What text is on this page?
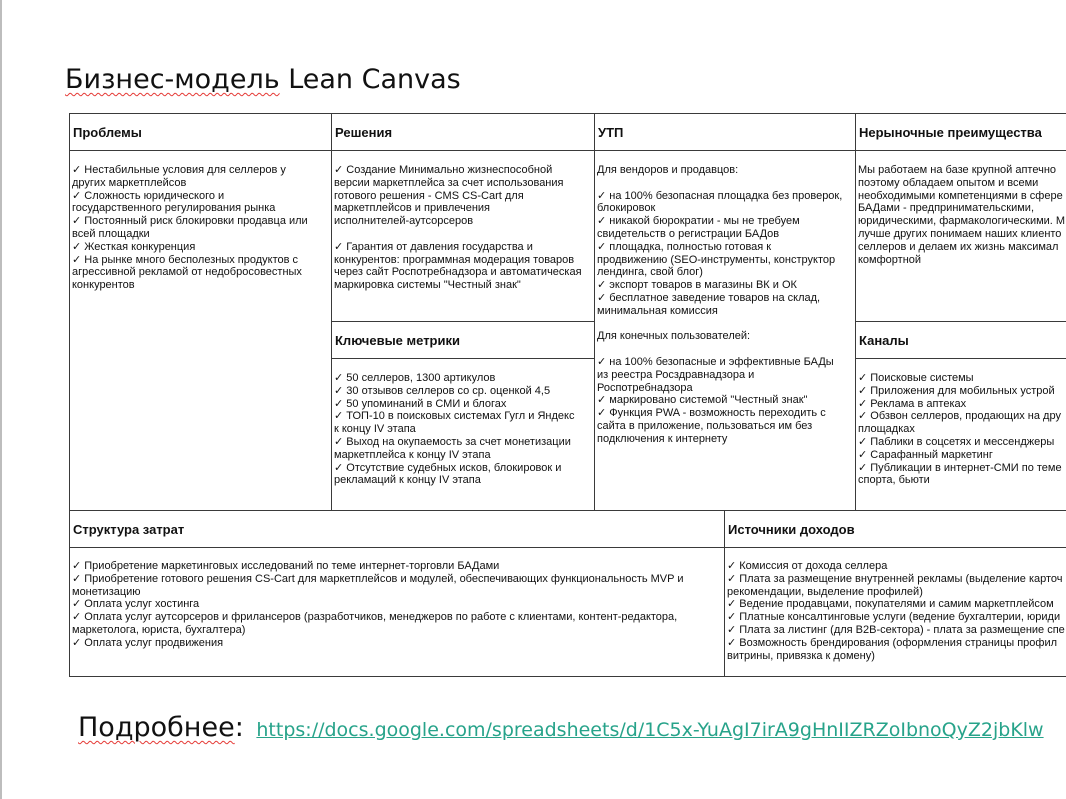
Бизнес-модель Lean Canvas
Проблемы
✓ Нестабильные условия для селлеров у
других маркетплейсов
✓ Сложность юридического и
государственного регулирования рынка
✓ Постоянный риск блокировки продавца или
всей площадки
✓ Жесткая конкуренция
✓ На рынке много бесполезных продуктов с
агрессивной рекламой от недобросовестных
конкурентов
Решения
✓ Создание Минимально жизнеспособной
версии маркетплейса за счет использования
готового решения - CMS CS-Cart для
маркетплейсов и привлечения
исполнителей-аутсорсеров

✓ Гарантия от давления государства и
конкурентов: программная модерация товаров
через сайт Роспотребнадзора и автоматическая
маркировка системы "Честный знак"
Ключевые метрики
✓ 50 селлеров, 1300 артикулов
✓ 30 отзывов селлеров со ср. оценкой 4,5
✓ 50 упоминаний в СМИ и блогах
✓ ТОП-10 в поисковых системах Гугл и Яндекс
к концу IV этапа
✓ Выход на окупаемость за счет монетизации
маркетплейса к концу IV этапа
✓ Отсутствие судебных исков, блокировок и
рекламаций к концу IV этапа
УТП
Для вендоров и продавцов:

✓ на 100% безопасная площадка без проверок,
блокировок
✓ никакой бюрократии - мы не требуем
свидетельств о регистрации БАДов
✓ площадка, полностью готовая к
продвижению (SEO-инструменты, конструктор
лендинга, свой блог)
✓ экспорт товаров в магазины ВК и ОК
✓ бесплатное заведение товаров на склад,
минимальная комиссия

Для конечных пользователей:

✓ на 100% безопасные и эффективные БАДы
из реестра Росздравнадзора и
Роспотребнадзора
✓ маркировано системой "Честный знак"
✓ Функция PWA - возможность переходить с
сайта в приложение, пользоваться им без
подключения к интернету
Нерыночные преимущества
Мы работаем на базе крупной аптечно
поэтому обладаем опытом и всеми
необходимыми компетенциями в сфере
БАДами - предпринимательскими,
юридическими, фармакологическими. М
лучше других понимаем наших клиенто
селлеров и делаем их жизнь максимал
комфортной
Каналы
✓ Поисковые системы
✓ Приложения для мобильных устрой
✓ Реклама в аптеках
✓ Обзвон селлеров, продающих на дру
площадках
✓ Паблики в соцсетях и мессенджеры
✓ Сарафанный маркетинг
✓ Публикации в интернет-СМИ по теме
спорта, бьюти
Структура затрат
✓ Приобретение маркетинговых исследований по теме интернет-торговли БАДами
✓ Приобретение готового решения CS-Cart для маркетплейсов и модулей, обеспечивающих функциональность MVP и
монетизацию
✓ Оплата услуг хостинга
✓ Оплата услуг аутсорсеров и фрилансеров (разработчиков, менеджеров по работе с клиентами, контент-редактора,
маркетолога, юриста, бухгалтера)
✓ Оплата услуг продвижения
Источники доходов
✓ Комиссия от дохода селлера
✓ Плата за размещение внутренней рекламы (выделение карточ
рекомендации, выделение профилей)
✓ Ведение продавцами, покупателями и самим маркетплейсом
✓ Платные консалтинговые услуги (ведение бухгалтерии, юриди
✓ Плата за листинг (для B2B-сектора) - плата за размещение спе
✓ Возможность брендирования (оформления страницы профил
витрины, привязка к домену)
Подробнее: https://docs.google.com/spreadsheets/d/1C5x-YuAgI7irA9gHnIIZRZoIbnoQyZ2jbKlw
